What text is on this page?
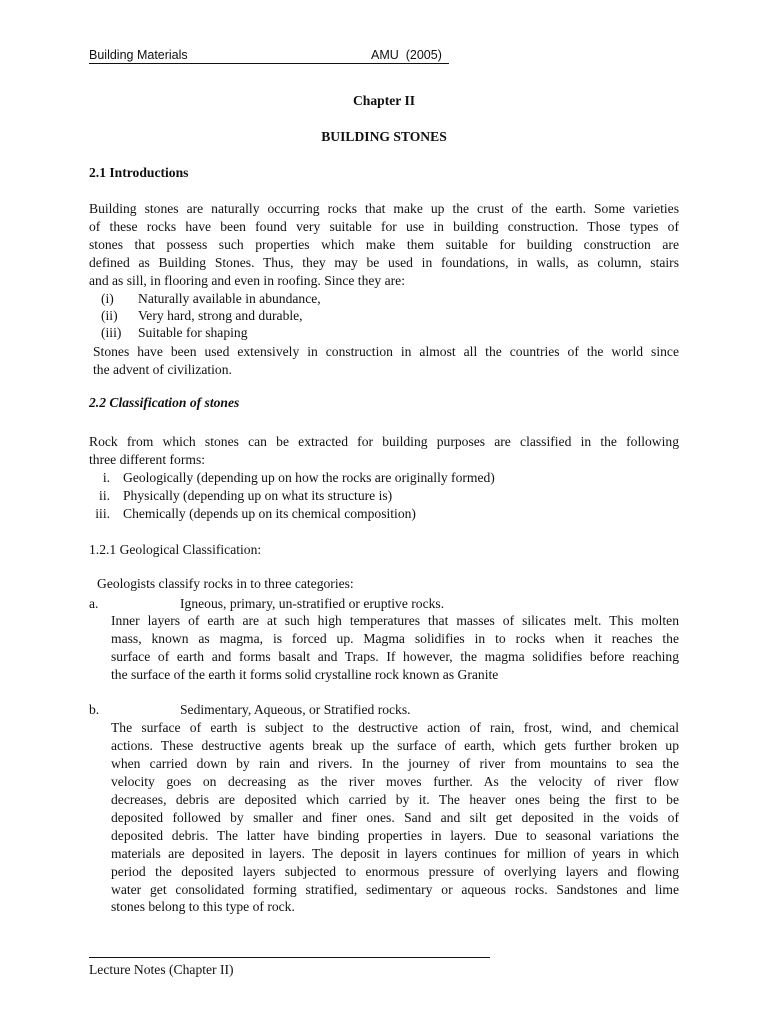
Building Materials	AMU  (2005)
Chapter II
BUILDING STONES
2.1 Introductions
Building stones are naturally occurring rocks that make up the crust of the earth. Some varieties
of these rocks have been found very suitable for use in building construction. Those types of
stones that possess such properties which make them suitable for building construction are
defined as Building Stones. Thus, they may be used in foundations, in walls, as column, stairs
and as sill, in flooring and even in roofing. Since they are:
(i) Naturally available in abundance,
(ii) Very hard, strong and durable,
(iii) Suitable for shaping
Stones have been used extensively in construction in almost all the countries of the world since
the advent of civilization.
2.2 Classification of stones
Rock from which stones can be extracted for building purposes are classified in the following
three different forms:
i. Geologically (depending up on how the rocks are originally formed)
ii. Physically (depending up on what its structure is)
iii. Chemically (depends up on its chemical composition)
1.2.1 Geological Classification:
Geologists classify rocks in to three categories:
a.	Igneous, primary, un-stratified or eruptive rocks.
Inner layers of earth are at such high temperatures that masses of silicates melt. This molten
mass, known as magma, is forced up. Magma solidifies in to rocks when it reaches the
surface of earth and forms basalt and Traps. If however, the magma solidifies before reaching
the surface of the earth it forms solid crystalline rock known as Granite
b.	Sedimentary, Aqueous, or Stratified rocks.
The surface of earth is subject to the destructive action of rain, frost, wind, and chemical
actions. These destructive agents break up the surface of earth, which gets further broken up
when carried down by rain and rivers. In the journey of river from mountains to sea the
velocity goes on decreasing as the river moves further. As the velocity of river flow
decreases, debris are deposited which carried by it. The heaver ones being the first to be
deposited followed by smaller and finer ones. Sand and silt get deposited in the voids of
deposited debris. The latter have binding properties in layers. Due to seasonal variations the
materials are deposited in layers. The deposit in layers continues for million of years in which
period the deposited layers subjected to enormous pressure of overlying layers and flowing
water get consolidated forming stratified, sedimentary or aqueous rocks. Sandstones and lime
stones belong to this type of rock.
Lecture Notes (Chapter II)
